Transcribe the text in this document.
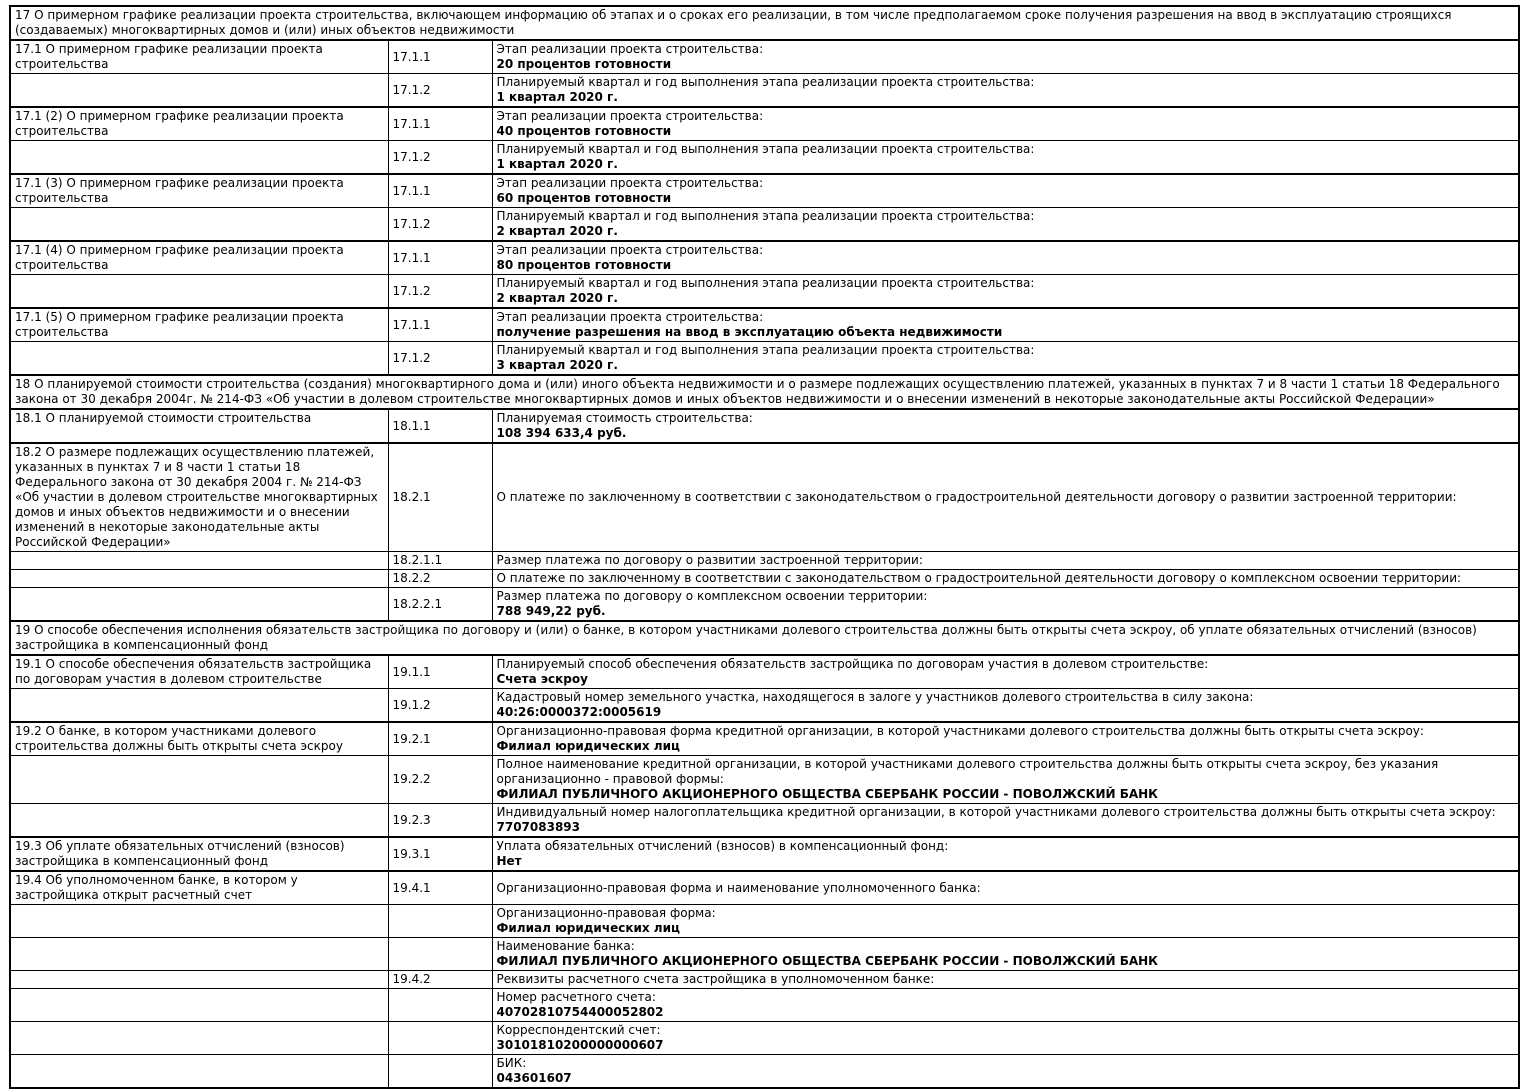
17 О примерном графике реализации проекта строительства, включающем информацию об этапах и о сроках его реализации, в том числе предполагаемом сроке получения разрешения на ввод в эксплуатацию строящихся (создаваемых) многоквартирных домов и (или) иных объектов недвижимости		
17.1 О примерном графике реализации проекта строительства	17.1.1	Этап реализации проекта строительства:
20 процентов готовности

	17.1.2	Планируемый квартал и год выполнения этапа реализации проекта строительства:
1 квартал 2020 г.

17.1 (2) О примерном графике реализации проекта строительства	17.1.1	Этап реализации проекта строительства:
40 процентов готовности

	17.1.2	Планируемый квартал и год выполнения этапа реализации проекта строительства:
1 квартал 2020 г.

17.1 (3) О примерном графике реализации проекта строительства	17.1.1	Этап реализации проекта строительства:
60 процентов готовности

	17.1.2	Планируемый квартал и год выполнения этапа реализации проекта строительства:
2 квартал 2020 г.

17.1 (4) О примерном графике реализации проекта строительства	17.1.1	Этап реализации проекта строительства:
80 процентов готовности

	17.1.2	Планируемый квартал и год выполнения этапа реализации проекта строительства:
2 квартал 2020 г.

17.1 (5) О примерном графике реализации проекта строительства	17.1.1	Этап реализации проекта строительства:
получение разрешения на ввод в эксплуатацию объекта недвижимости

	17.1.2	Планируемый квартал и год выполнения этапа реализации проекта строительства:
3 квартал 2020 г.

18 О планируемой стоимости строительства (создания) многоквартирного дома и (или) иного объекта недвижимости и о размере подлежащих осуществлению платежей, указанных в пунктах 7 и 8 части 1 статьи 18 Федерального закона от 30 декабря 2004г. № 214-ФЗ «Об участии в долевом строительстве многоквартирных домов и иных объектов недвижимости и о внесении изменений в некоторые законодательные акты Российской Федерации»		
18.1 О планируемой стоимости строительства	18.1.1	Планируемая стоимость строительства:
108 394 633,4 руб.

18.2 О размере подлежащих осуществлению платежей, указанных в пунктах 7 и 8 части 1 статьи 18 Федерального закона от 30 декабря 2004 г. № 214-ФЗ «Об участии в долевом строительстве многоквартирных домов и иных объектов недвижимости и о внесении изменений в некоторые законодательные акты Российской Федерации»	18.2.1	О платеже по заключенному в соответствии с законодательством о градостроительной деятельности договору о развитии застроенной территории:

	18.2.1.1	Размер платежа по договору о развитии застроенной территории:

	18.2.2	О платеже по заключенному в соответствии с законодательством о градостроительной деятельности договору о комплексном освоении территории:

	18.2.2.1	Размер платежа по договору о комплексном освоении территории:
788 949,22 руб.

19 О способе обеспечения исполнения обязательств застройщика по договору и (или) о банке, в котором участниками долевого строительства должны быть открыты счета эскроу, об уплате обязательных отчислений (взносов) застройщика в компенсационный фонд		
19.1 О способе обеспечения обязательств застройщика по договорам участия в долевом строительстве	19.1.1	Планируемый способ обеспечения обязательств застройщика по договорам участия в долевом строительстве:
Счета эскроу

	19.1.2	Кадастровый номер земельного участка, находящегося в залоге у участников долевого строительства в силу закона:
40:26:0000372:0005619

19.2 О банке, в котором участниками долевого строительства должны быть открыты счета эскроу	19.2.1	Организационно-правовая форма кредитной организации, в которой участниками долевого строительства должны быть открыты счета эскроу:
Филиал юридических лиц

	19.2.2	Полное наименование кредитной организации, в которой участниками долевого строительства должны быть открыты счета эскроу, без указания организационно - правовой формы:
ФИЛИАЛ ПУБЛИЧНОГО АКЦИОНЕРНОГО ОБЩЕСТВА СБЕРБАНК РОССИИ - ПОВОЛЖСКИЙ БАНК

	19.2.3	Индивидуальный номер налогоплательщика кредитной организации, в которой участниками долевого строительства должны быть открыты счета эскроу:
7707083893

19.3 Об уплате обязательных отчислений (взносов) застройщика в компенсационный фонд	19.3.1	Уплата обязательных отчислений (взносов) в компенсационный фонд:
Нет

19.4 Об уполномоченном банке, в котором у застройщика открыт расчетный счет	19.4.1	Организационно-правовая форма и наименование уполномоченного банка:

		Организационно-правовая форма:
Филиал юридических лиц

		Наименование банка:
ФИЛИАЛ ПУБЛИЧНОГО АКЦИОНЕРНОГО ОБЩЕСТВА СБЕРБАНК РОССИИ - ПОВОЛЖСКИЙ БАНК

	19.4.2	Реквизиты расчетного счета застройщика в уполномоченном банке:

		Номер расчетного счета:
40702810754400052802

		Корреспондентский счет:
30101810200000000607

		БИК:
043601607
